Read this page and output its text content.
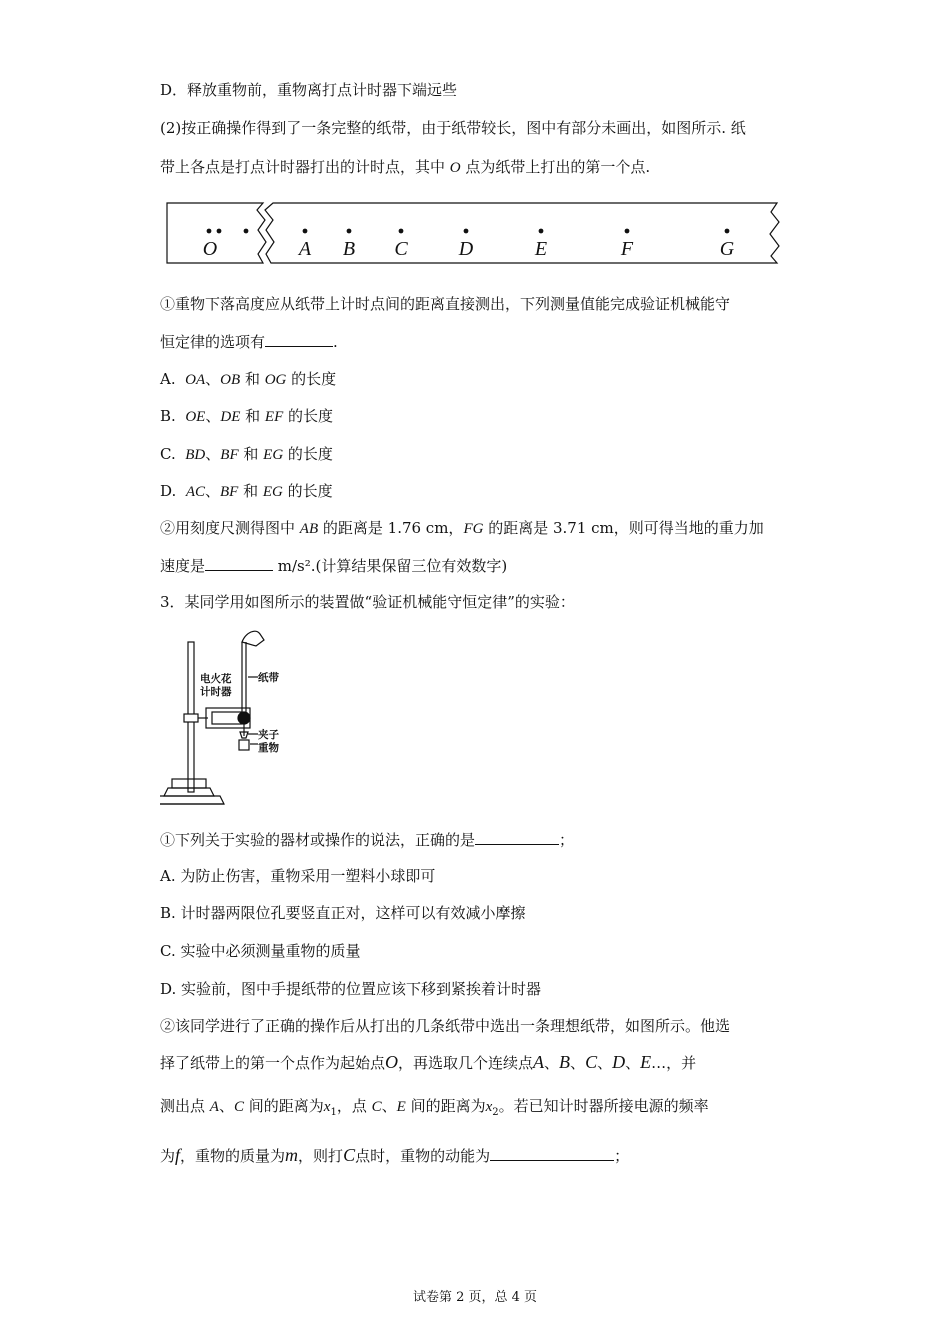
D．释放重物前，重物离打点计时器下端远些
(2)按正确操作得到了一条完整的纸带，由于纸带较长，图中有部分未画出，如图所示. 纸
带上各点是打点计时器打出的计时点，其中 O 点为纸带上打出的第一个点.
O	A B C	D	E	F	G
①重物下落高度应从纸带上计时点间的距离直接测出，下列测量值能完成验证机械能守
恒定律的选项有	.
A. OA、OB 和 OG 的长度
B. OE、DE 和 EF 的长度
C. BD、BF 和 EG 的长度
D. AC、BF 和 EG 的长度
②用刻度尺测得图中 AB 的距离是 1.76 cm，FG 的距离是 3.71 cm，则可得当地的重力加
速度是	m/s².(计算结果保留三位有效数字)
3．某同学用如图所示的装置做“验证机械能守恒定律”的实验：
电火花
计时器
纸带
夹子
重物
①下列关于实验的器材或操作的说法，正确的是	；
A. 为防止伤害，重物采用一塑料小球即可
B. 计时器两限位孔要竖直正对，这样可以有效减小摩擦
C. 实验中必须测量重物的质量
D. 实验前，图中手提纸带的位置应该下移到紧挨着计时器
②该同学进行了正确的操作后从打出的几条纸带中选出一条理想纸带，如图所示。他选
择了纸带上的第一个点作为起始点O，再选取几个连续点A、B、C、D、E…，并
测出点 A、C 间的距离为$x_1$，点 C、E 间的距离为$x_2$。若已知计时器所接电源的频率
为f，重物的质量为m，则打C点时，重物的动能为	；
试卷第 2 页，总 4 页
